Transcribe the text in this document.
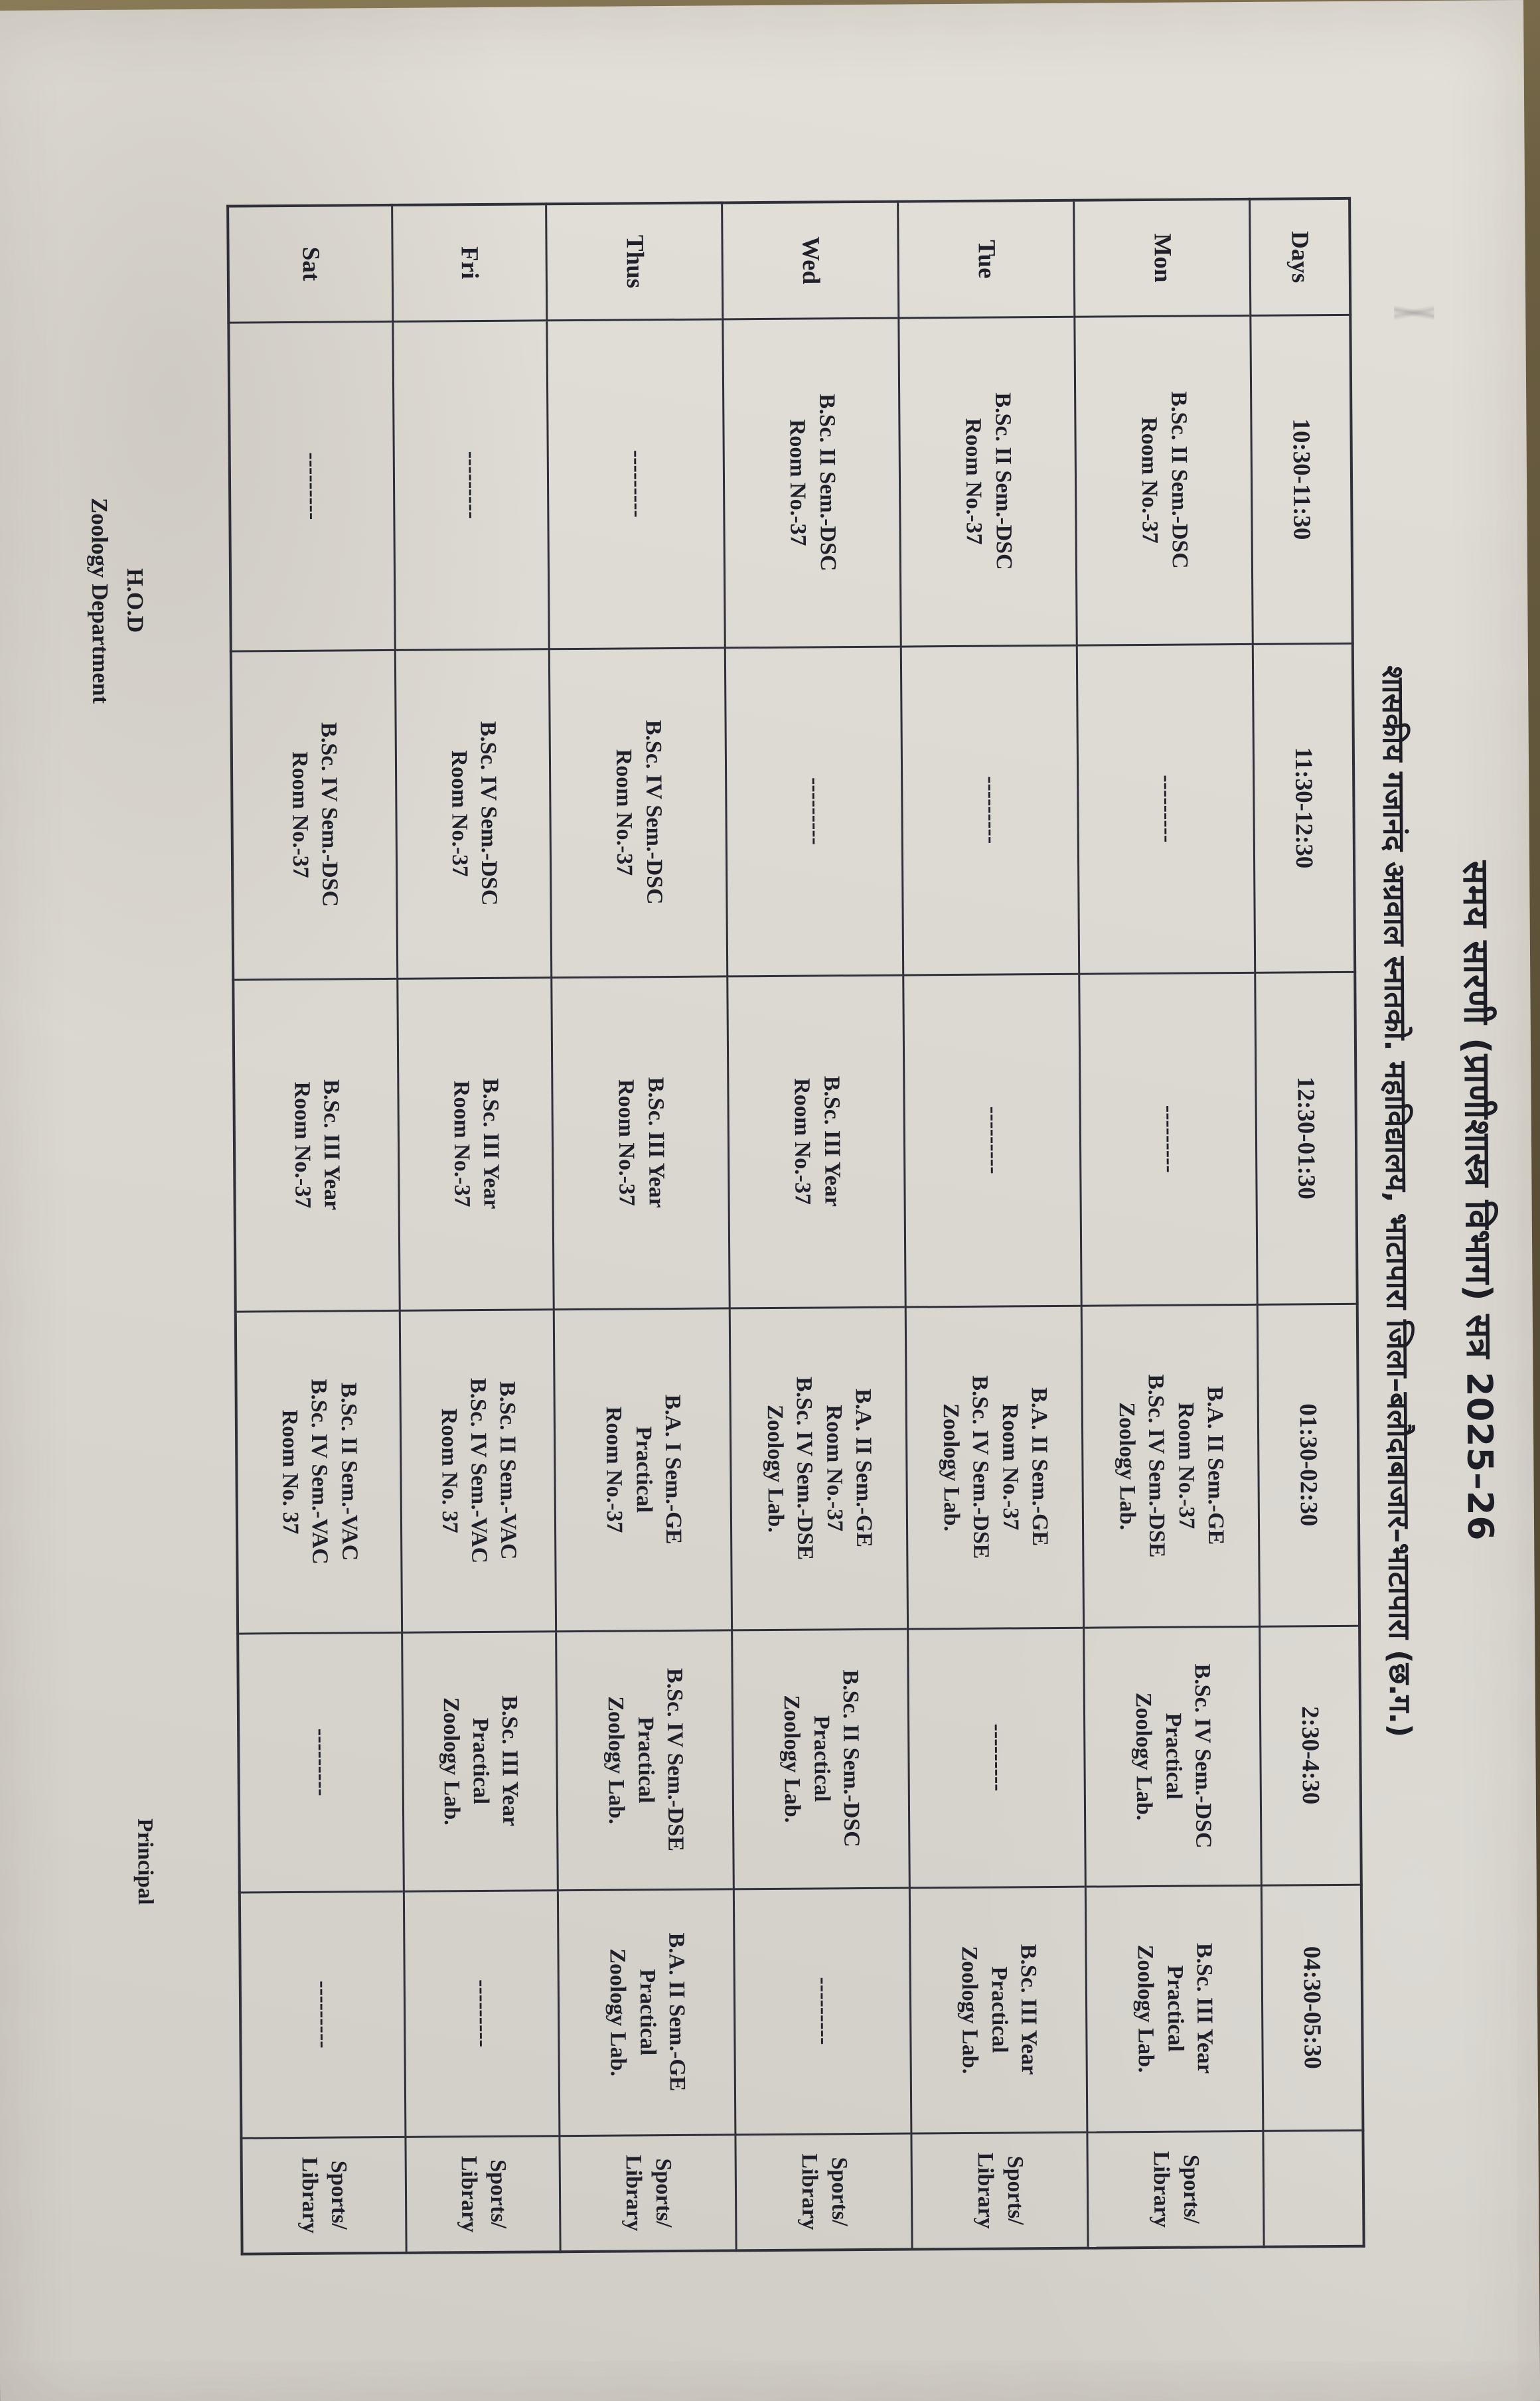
समय सारणी (प्राणीशास्त्र विभाग) सत्र 2025–26
शासकीय गजानंद अग्रवाल स्नातको. महाविद्यालय, भाटापारा जिला–बलौदाबाजार–भाटापारा (छ.ग.)
Days	10:30-11:30	11:30-12:30	12:30-01:30	01:30-02:30	2:30-4:30	04:30-05:30	
Mon	B.Sc. II Sem.-DSC
Room No.-37	---------	---------	B.A. II Sem.-GE
Room No.-37
B.Sc. IV Sem.-DSE
Zoology Lab.	B.Sc. IV Sem.-DSC
Practical
Zoology Lab.	B.Sc. III Year
Practical
Zoology Lab.	Sports/
Library
Tue	B.Sc. II Sem.-DSC
Room No.-37	---------	---------	B.A. II Sem.-GE
Room No.-37
B.Sc. IV Sem.-DSE
Zoology Lab.	---------	B.Sc. III Year
Practical
Zoology Lab.	Sports/
Library
Wed	B.Sc. II Sem.-DSC
Room No.-37	---------	B.Sc. III Year
Room No.-37	B.A. II Sem.-GE
Room No.-37
B.Sc. IV Sem.-DSE
Zoology Lab.	B.Sc. II Sem.-DSC
Practical
Zoology Lab.	---------	Sports/
Library
Thus	---------	B.Sc. IV Sem.-DSC
Room No.-37	B.Sc. III Year
Room No.-37	B.A. I Sem.-GE
Practical
Room No.-37	B.Sc. IV Sem.-DSE
Practical
Zoology Lab.	B.A. II Sem.-GE
Practical
Zoology Lab.	Sports/
Library
Fri	---------	B.Sc. IV Sem.-DSC
Room No.-37	B.Sc. III Year
Room No.-37	B.Sc. II Sem.-VAC
B.Sc. IV Sem.-VAC
Room No. 37	B.Sc. III Year
Practical
Zoology Lab.	---------	Sports/
Library
Sat	---------	B.Sc. IV Sem.-DSC
Room No.-37	B.Sc. III Year
Room No.-37	B.Sc. II Sem.-VAC
B.Sc. IV Sem.-VAC
Room No. 37	---------	---------	Sports/
Library
H.O.D
Zoology Department
Principal
